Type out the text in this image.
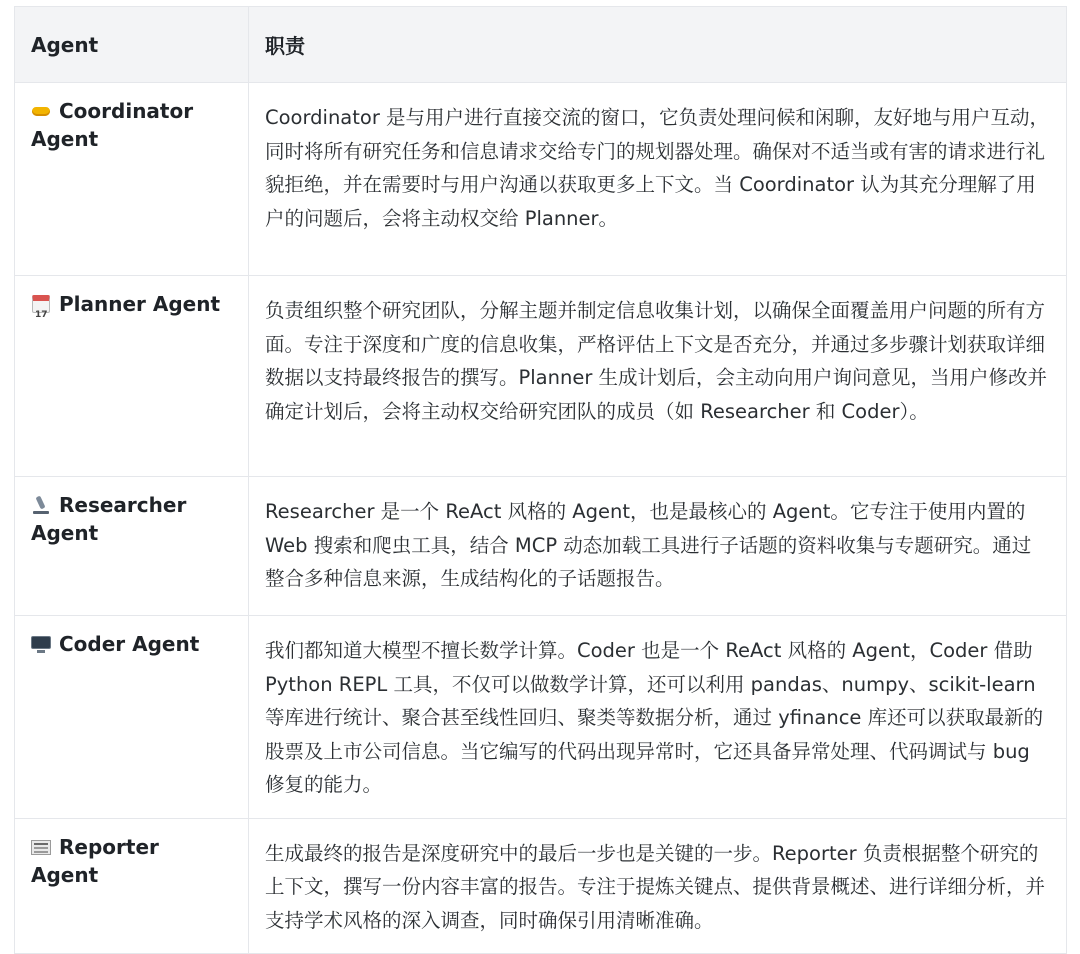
Agent	职责
Coordinator Agent	Coordinator 是与用户进行直接交流的窗口，它负责处理问候和闲聊，友好地与用户互动，同时将所有研究任务和信息请求交给专门的规划器处理。确保对不适当或有害的请求进行礼貌拒绝，并在需要时与用户沟通以获取更多上下文。当 Coordinator 认为其充分理解了用户的问题后，会将主动权交给 Planner。
17Planner Agent	负责组织整个研究团队，分解主题并制定信息收集计划，以确保全面覆盖用户问题的所有方面。专注于深度和广度的信息收集，严格评估上下文是否充分，并通过多步骤计划获取详细数据以支持最终报告的撰写。Planner 生成计划后，会主动向用户询问意见，当用户修改并确定计划后，会将主动权交给研究团队的成员（如 Researcher 和 Coder）。
Researcher Agent	Researcher 是一个 ReAct 风格的 Agent，也是最核心的 Agent。它专注于使用内置的 Web 搜索和爬虫工具，结合 MCP 动态加载工具进行子话题的资料收集与专题研究。通过整合多种信息来源，生成结构化的子话题报告。
Coder Agent	我们都知道大模型不擅长数学计算。Coder 也是一个 ReAct 风格的 Agent，Coder 借助 Python REPL 工具，不仅可以做数学计算，还可以利用 pandas、numpy、scikit-learn 等库进行统计、聚合甚至线性回归、聚类等数据分析，通过 yfinance 库还可以获取最新的股票及上市公司信息。当它编写的代码出现异常时，它还具备异常处理、代码调试与 bug 修复的能力。
Reporter Agent	生成最终的报告是深度研究中的最后一步也是关键的一步。Reporter 负责根据整个研究的上下文，撰写一份内容丰富的报告。专注于提炼关键点、提供背景概述、进行详细分析，并支持学术风格的深入调查，同时确保引用清晰准确。
